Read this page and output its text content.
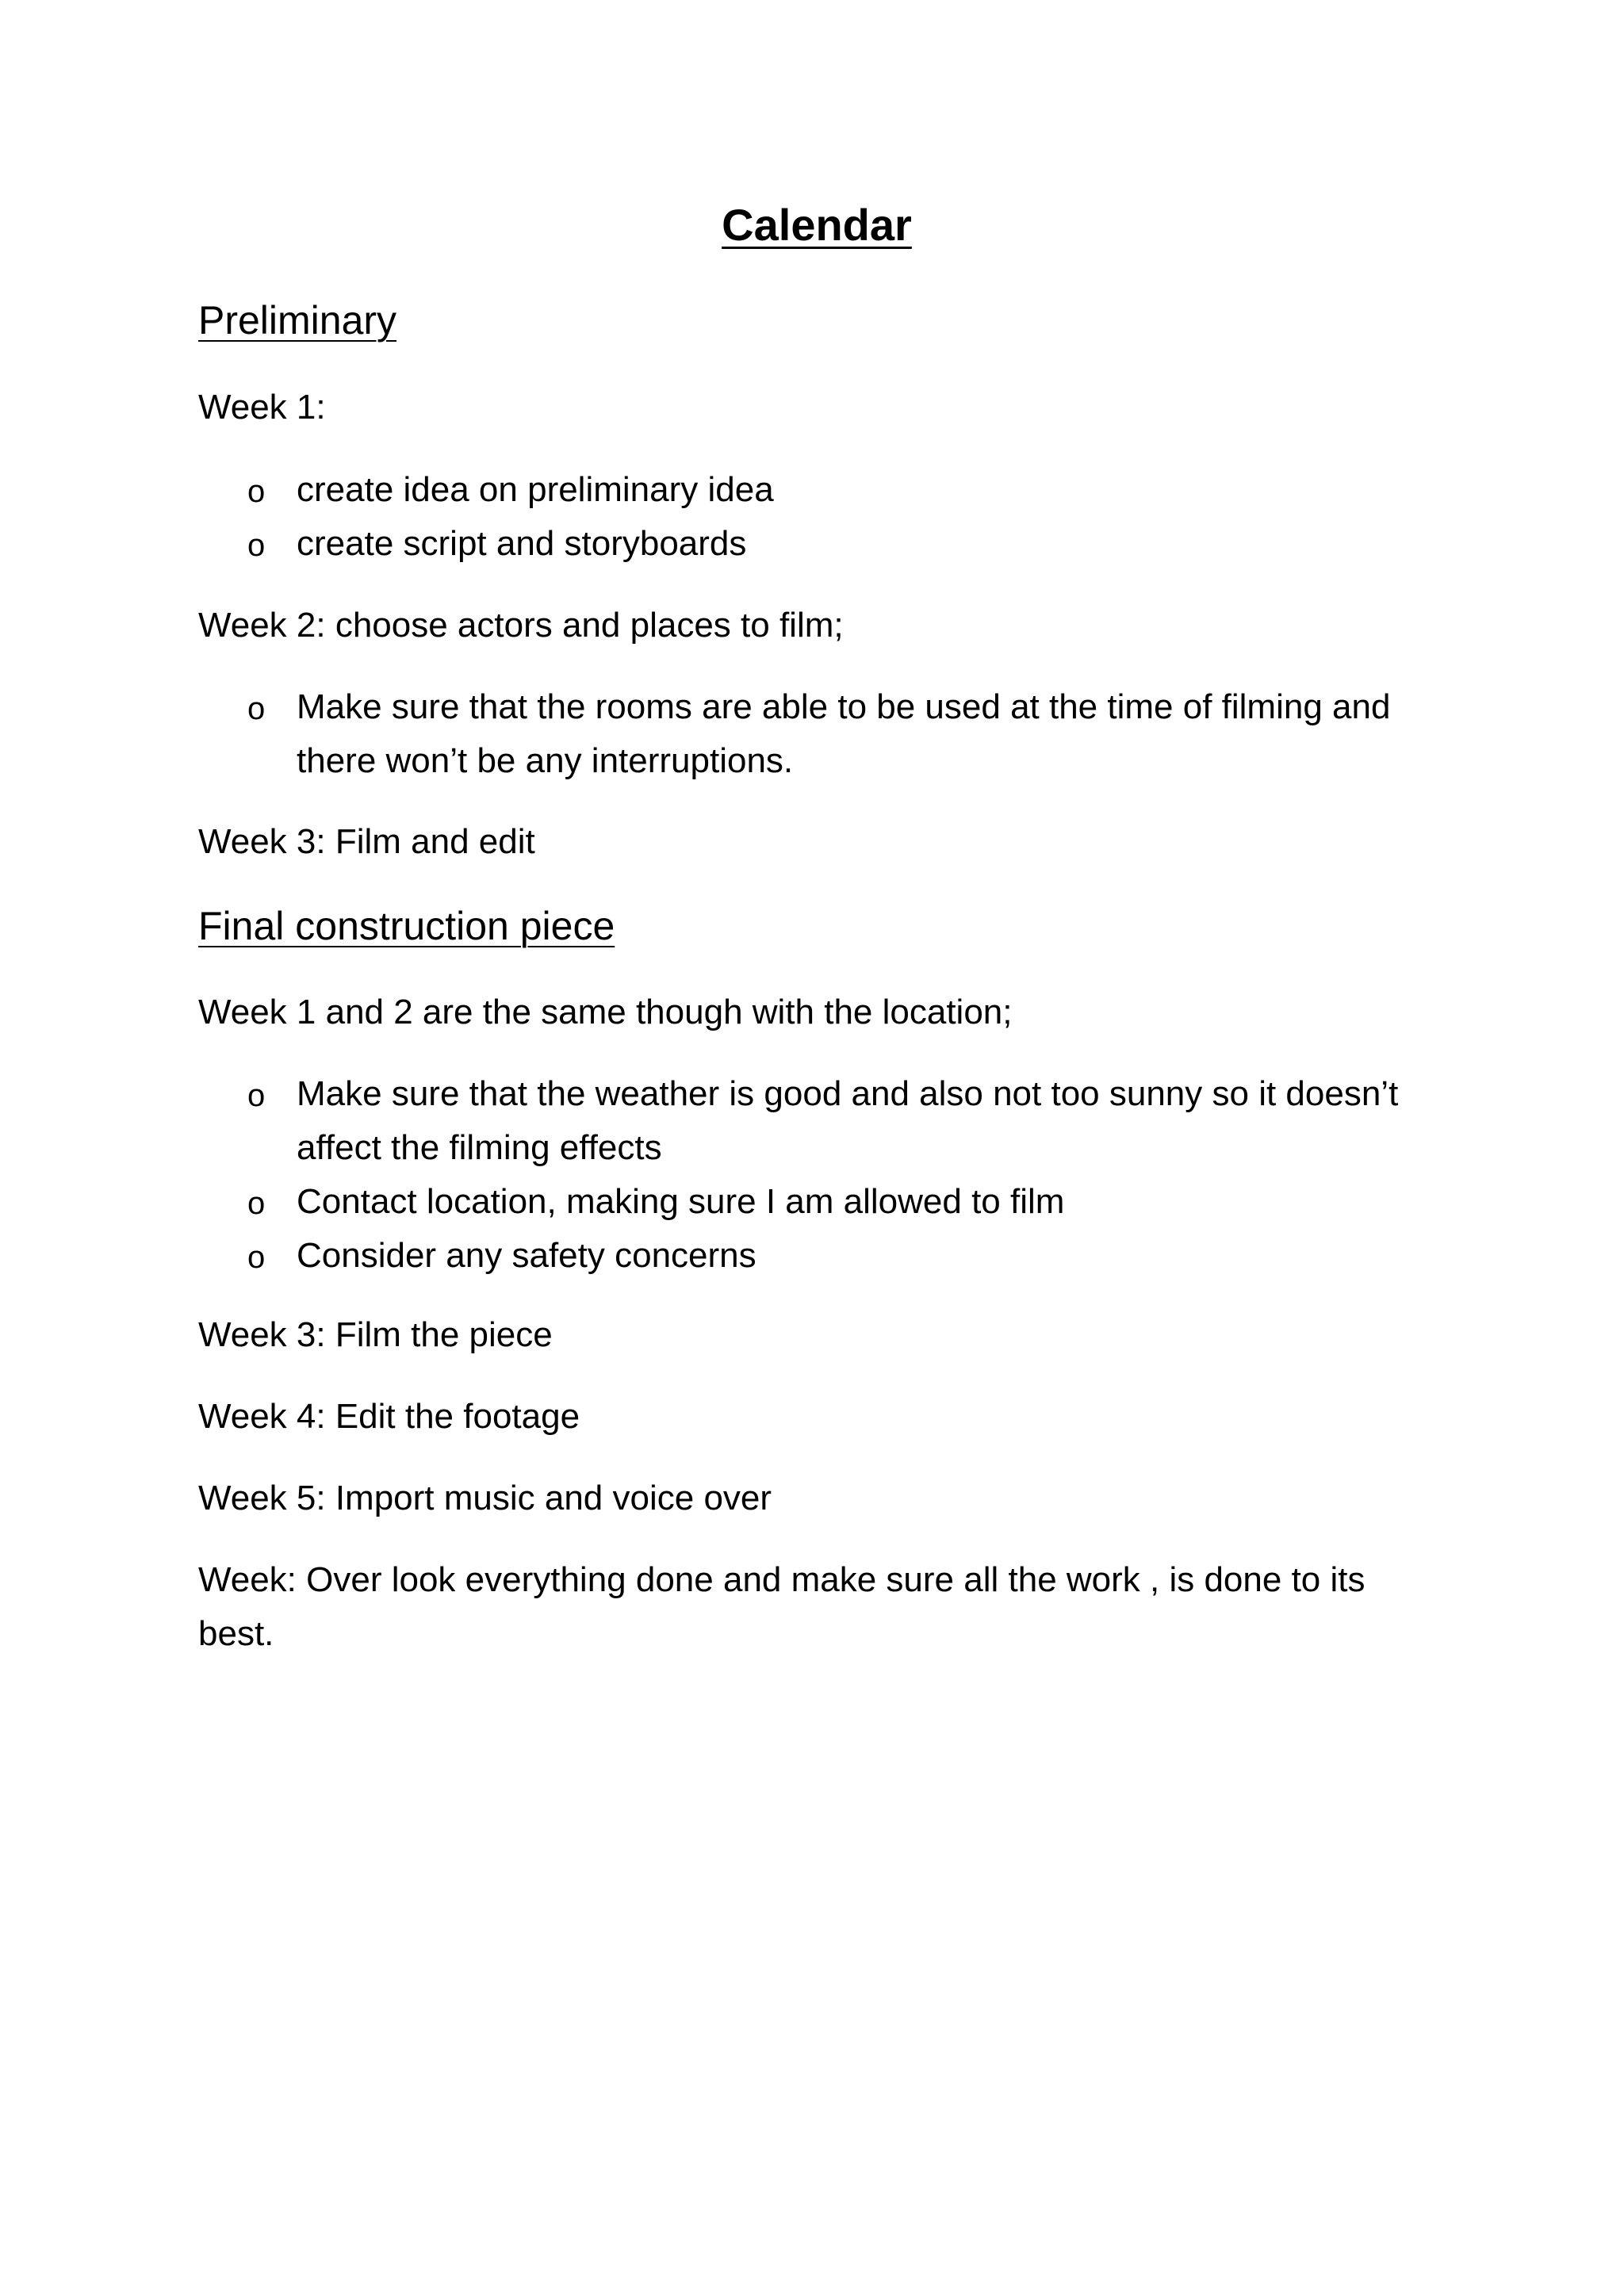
Calendar
Preliminary

Week 1:

o create idea on preliminary idea
o create script and storyboards

Week 2: choose actors and places to film;

o Make sure that the rooms are able to be used at the time of filming and there won’t be any interruptions.

Week 3: Film and edit

Final construction piece

Week 1 and 2 are the same though with the location;

o Make sure that the weather is good and also not too sunny so it doesn’t affect the filming effects
o Contact location, making sure I am allowed to film
o Consider any safety concerns

Week 3: Film the piece

Week 4: Edit the footage

Week 5: Import music and voice over

Week: Over look everything done and make sure all the work , is done to its best.
